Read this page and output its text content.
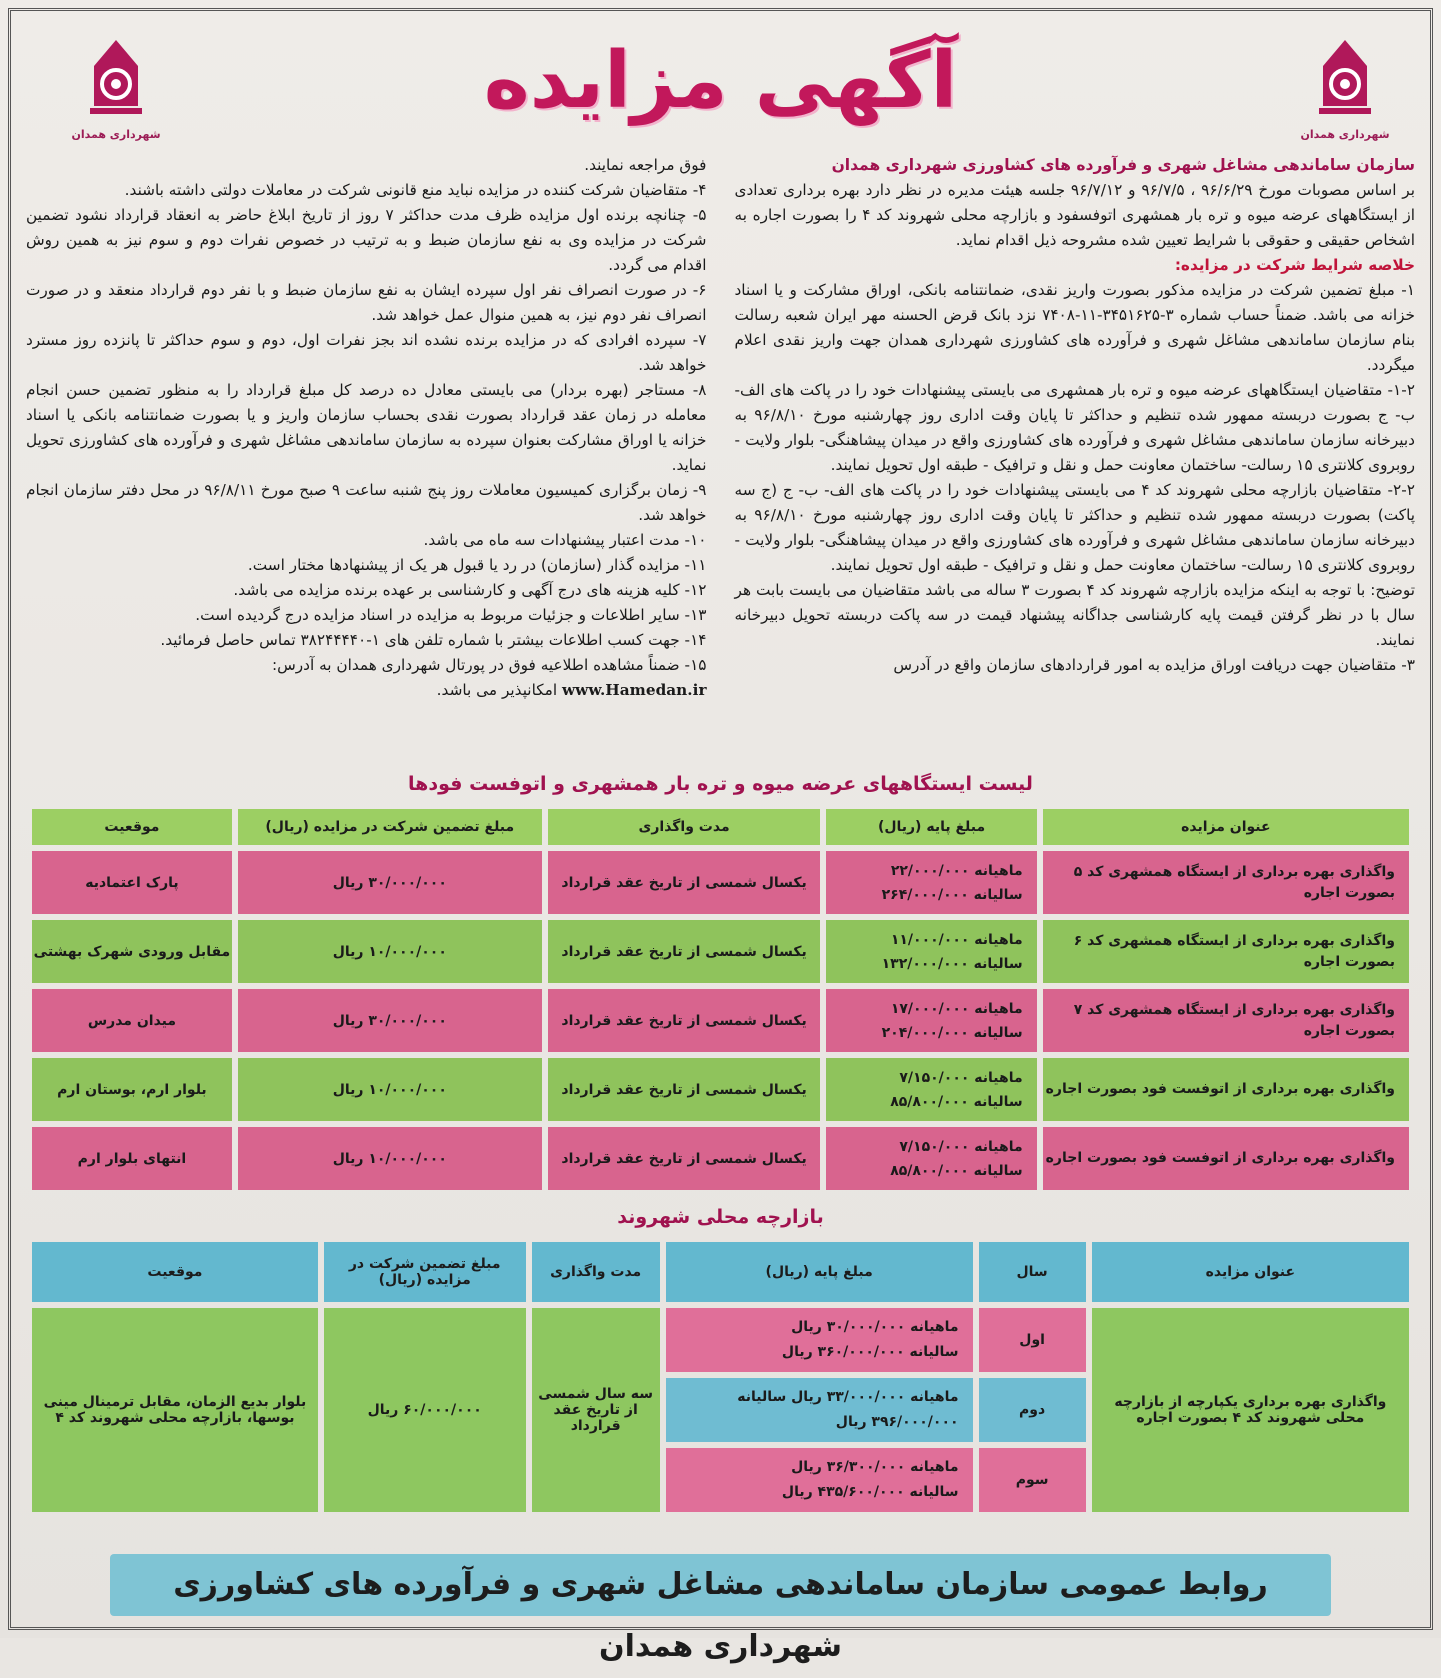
شهرداری همدان
آگهی مزایده
شهرداری همدان

سازمان ساماندهی مشاغل شهری و فرآورده های کشاورزی شهرداری همدان

بر اساس مصوبات مورخ ۹۶/۶/۲۹ ، ۹۶/۷/۵ و ۹۶/۷/۱۲ جلسه هیئت مدیره در نظر دارد بهره برداری تعدادی از ایستگاههای عرضه میوه و تره بار همشهری اتوفسفود و بازارچه محلی شهروند کد ۴ را بصورت اجاره به اشخاص حقیقی و حقوقی با شرایط تعیین شده مشروحه ذیل اقدام نماید.

خلاصه شرایط شرکت در مزایده:

۱- مبلغ تضمین شرکت در مزایده مذکور بصورت واریز نقدی، ضمانتنامه بانکی، اوراق مشارکت و یا اسناد خزانه می باشد. ضمناً حساب شماره ۳-۳۴۵۱۶۲۵-۱۱-۷۴۰۸ نزد بانک قرض الحسنه مهر ایران شعبه رسالت بنام سازمان ساماندهی مشاغل شهری و فرآورده های کشاورزی شهرداری همدان جهت واریز نقدی اعلام میگردد.

۱-۲- متقاضیان ایستگاههای عرضه میوه و تره بار همشهری می بایستی پیشنهادات خود را در پاکت های الف- ب- ج بصورت دربسته ممهور شده تنظیم و حداکثر تا پایان وقت اداری روز چهارشنبه مورخ ۹۶/۸/۱۰ به دبیرخانه سازمان ساماندهی مشاغل شهری و فرآورده های کشاورزی واقع در میدان پیشاهنگی- بلوار ولایت - روبروی کلانتری ۱۵ رسالت- ساختمان معاونت حمل و نقل و ترافیک - طبقه اول تحویل نمایند.

۲-۲- متقاضیان بازارچه محلی شهروند کد ۴ می بایستی پیشنهادات خود را در پاکت های الف- ب- ج (ج سه پاکت) بصورت دربسته ممهور شده تنظیم و حداکثر تا پایان وقت اداری روز چهارشنبه مورخ ۹۶/۸/۱۰ به دبیرخانه سازمان ساماندهی مشاغل شهری و فرآورده های کشاورزی واقع در میدان پیشاهنگی- بلوار ولایت - روبروی کلانتری ۱۵ رسالت- ساختمان معاونت حمل و نقل و ترافیک - طبقه اول تحویل نمایند.

توضیح: با توجه به اینکه مزایده بازارچه شهروند کد ۴ بصورت ۳ ساله می باشد متقاضیان می بایست بابت هر سال با در نظر گرفتن قیمت پایه کارشناسی جداگانه پیشنهاد قیمت در سه پاکت دربسته تحویل دبیرخانه نمایند.

۳- متقاضیان جهت دریافت اوراق مزایده به امور قراردادهای سازمان واقع در آدرس

فوق مراجعه نمایند.

۴- متقاضیان شرکت کننده در مزایده نباید منع قانونی شرکت در معاملات دولتی داشته باشند.

۵- چنانچه برنده اول مزایده ظرف مدت حداکثر ۷ روز از تاریخ ابلاغ حاضر به انعقاد قرارداد نشود تضمین شرکت در مزایده وی به نفع سازمان ضبط و به ترتیب در خصوص نفرات دوم و سوم نیز به همین روش اقدام می گردد.

۶- در صورت انصراف نفر اول سپرده ایشان به نفع سازمان ضبط و با نفر دوم قرارداد منعقد و در صورت انصراف نفر دوم نیز، به همین منوال عمل خواهد شد.

۷- سپرده افرادی که در مزایده برنده نشده اند بجز نفرات اول، دوم و سوم حداکثر تا پانزده روز مسترد خواهد شد.

۸- مستاجر (بهره بردار) می بایستی معادل ده درصد کل مبلغ قرارداد را به منظور تضمین حسن انجام معامله در زمان عقد قرارداد بصورت نقدی بحساب سازمان واریز و یا بصورت ضمانتنامه بانکی یا اسناد خزانه یا اوراق مشارکت بعنوان سپرده به سازمان ساماندهی مشاغل شهری و فرآورده های کشاورزی تحویل نماید.

۹- زمان برگزاری کمیسیون معاملات روز پنج شنبه ساعت ۹ صبح مورخ ۹۶/۸/۱۱ در محل دفتر سازمان انجام خواهد شد.

۱۰- مدت اعتبار پیشنهادات سه ماه می باشد.

۱۱- مزایده گذار (سازمان) در رد یا قبول هر یک از پیشنهادها مختار است.

۱۲- کلیه هزینه های درج آگهی و کارشناسی بر عهده برنده مزایده می باشد.

۱۳- سایر اطلاعات و جزئیات مربوط به مزایده در اسناد مزایده درج گردیده است.

۱۴- جهت کسب اطلاعات بیشتر با شماره تلفن های ۱-۳۸۲۴۴۴۴۰ تماس حاصل فرمائید.

۱۵- ضمناً مشاهده اطلاعیه فوق در پورتال شهرداری همدان به آدرس:

www.Hamedan.ir امکانپذیر می باشد.

لیست ایستگاههای عرضه میوه و تره بار همشهری و اتوفست فودها
عنوان مزایده	مبلغ پایه (ریال)	مدت واگذاری	مبلغ تضمین شرکت در مزایده (ریال)	موقعیت
واگذاری بهره برداری از ایستگاه همشهری کد ۵ بصورت اجاره	ماهیانه ۲۲/۰۰۰/۰۰۰
سالیانه ۲۶۴/۰۰۰/۰۰۰	یکسال شمسی از تاریخ عقد قرارداد	۳۰/۰۰۰/۰۰۰ ریال	پارک اعتمادیه
واگذاری بهره برداری از ایستگاه همشهری کد ۶ بصورت اجاره	ماهیانه ۱۱/۰۰۰/۰۰۰
سالیانه ۱۳۲/۰۰۰/۰۰۰	یکسال شمسی از تاریخ عقد قرارداد	۱۰/۰۰۰/۰۰۰ ریال	مقابل ورودی شهرک بهشتی
واگذاری بهره برداری از ایستگاه همشهری کد ۷ بصورت اجاره	ماهیانه ۱۷/۰۰۰/۰۰۰
سالیانه ۲۰۴/۰۰۰/۰۰۰	یکسال شمسی از تاریخ عقد قرارداد	۳۰/۰۰۰/۰۰۰ ریال	میدان مدرس
واگذاری بهره برداری از اتوفست فود بصورت اجاره	ماهیانه ۷/۱۵۰/۰۰۰
سالیانه ۸۵/۸۰۰/۰۰۰	یکسال شمسی از تاریخ عقد قرارداد	۱۰/۰۰۰/۰۰۰ ریال	بلوار ارم، بوستان ارم
واگذاری بهره برداری از اتوفست فود بصورت اجاره	ماهیانه ۷/۱۵۰/۰۰۰
سالیانه ۸۵/۸۰۰/۰۰۰	یکسال شمسی از تاریخ عقد قرارداد	۱۰/۰۰۰/۰۰۰ ریال	انتهای بلوار ارم
بازارچه محلی شهروند
عنوان مزایده	سال	مبلغ پایه (ریال)	مدت واگذاری	مبلغ تضمین شرکت در مزایده (ریال)	موقعیت
واگذاری بهره برداری یکپارچه از بازارچه محلی شهروند کد ۴ بصورت اجاره	اول	ماهیانه ۳۰/۰۰۰/۰۰۰ ریال
سالیانه ۳۶۰/۰۰۰/۰۰۰ ریال	سه سال شمسی از تاریخ عقد قرارداد	۶۰/۰۰۰/۰۰۰ ریال	بلوار بدیع الزمان، مقابل ترمینال مینی بوسها، بازارچه محلی شهروند کد ۴
	دوم	ماهیانه ۳۳/۰۰۰/۰۰۰ ریال سالیانه
۳۹۶/۰۰۰/۰۰۰ ریال			

	سوم	ماهیانه ۳۶/۳۰۰/۰۰۰ ریال
سالیانه ۴۳۵/۶۰۰/۰۰۰ ریال			
روابط عمومی سازمان ساماندهی مشاغل شهری و فرآورده های کشاورزی شهرداری همدان
